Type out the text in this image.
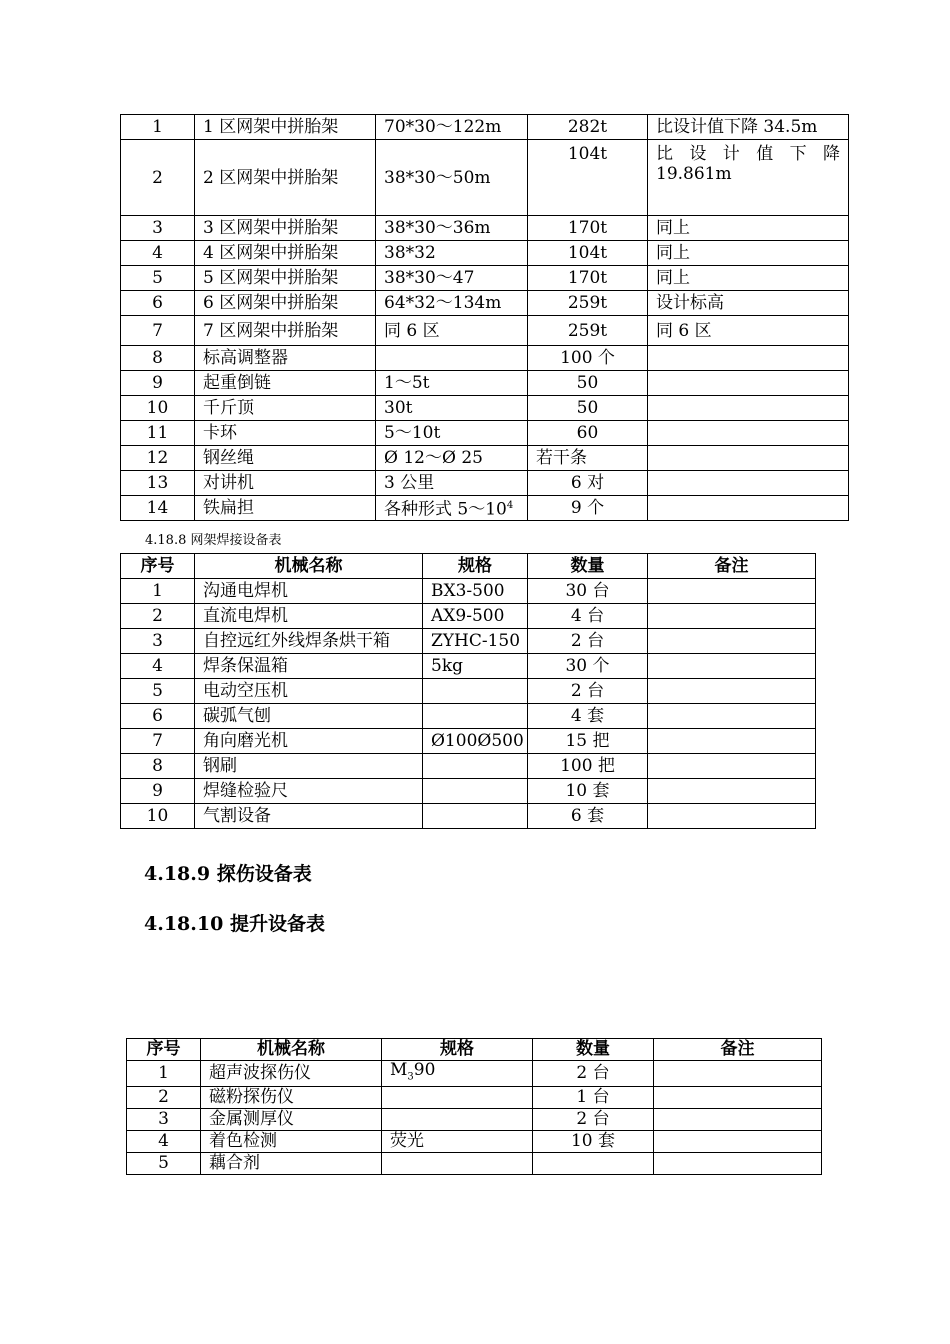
1	1 区网架中拼胎架	70*30～122m	282t	比设计值下降 34.5m
2	2 区网架中拼胎架	38*30～50m	104t	比 设 计 值 下 降 19.861m
3	3 区网架中拼胎架	38*30～36m	170t	同上
4	4 区网架中拼胎架	38*32	104t	同上
5	5 区网架中拼胎架	38*30～47	170t	同上
6	6 区网架中拼胎架	64*32～134m	259t	设计标高
7	7 区网架中拼胎架	同 6 区	259t	同 6 区
8	标高调整器		100 个	
9	起重倒链	1～5t	50	
10	千斤顶	30t	50	
11	卡环	5～10t	60	
12	钢丝绳	Ø 12～Ø 25	若干条	
13	对讲机	3 公里	6 对	
14	铁扁担	各种形式 $5\sim 10^4$	9 个	
4.18.8 网架焊接设备表
序号	机械名称	规格	数量	备注
1	沟通电焊机	BX3-500	30 台	
2	直流电焊机	AX9-500	4 台	
3	自控远红外线焊条烘干箱	ZYHC-150	2 台	
4	焊条保温箱	5kg	30 个	
5	电动空压机		2 台	
6	碳弧气刨		4 套	
7	角向磨光机	Ø100Ø500	15 把	
8	钢刷		100 把	
9	焊缝检验尺		10 套	
10	气割设备		6 套	
4.18.9 探伤设备表
4.18.10 提升设备表
序号	机械名称	规格	数量	备注
1	超声波探伤仪	$M_390$	2 台	
2	磁粉探伤仪		1 台	
3	金属测厚仪		2 台	
4	着色检测	荧光	10 套	
5	藕合剂			
